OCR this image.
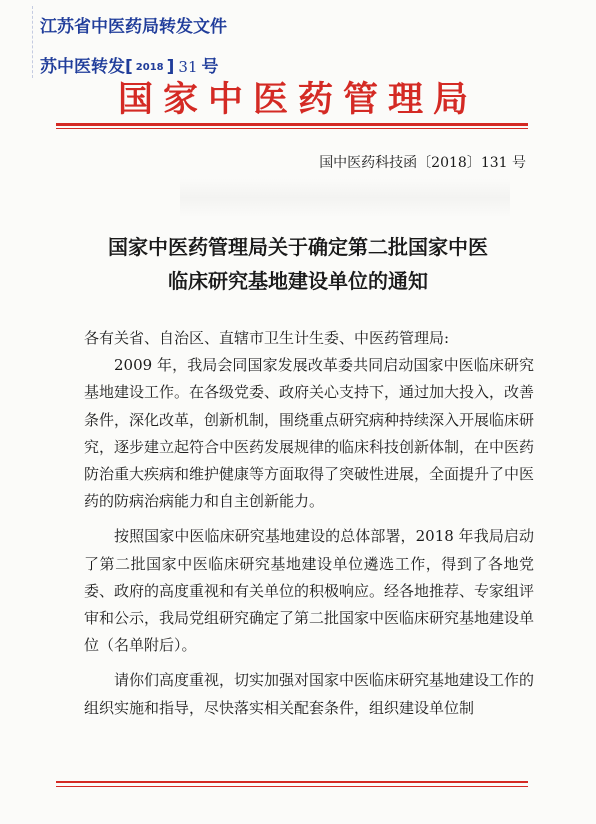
江苏省中医药局转发文件
苏中医转发[ 2018 ] 31 号
国家中医药管理局
国中医药科技函〔2018〕131 号
国家中医药管理局关于确定第二批国家中医
临床研究基地建设单位的通知

各有关省、自治区、直辖市卫生计生委、中医药管理局:

2009 年，我局会同国家发展改革委共同启动国家中医临床研究基地建设工作。在各级党委、政府关心支持下，通过加大投入，改善条件，深化改革，创新机制，围绕重点研究病种持续深入开展临床研究，逐步建立起符合中医药发展规律的临床科技创新体制，在中医药防治重大疾病和维护健康等方面取得了突破性进展，全面提升了中医药的防病治病能力和自主创新能力。

按照国家中医临床研究基地建设的总体部署，2018 年我局启动了第二批国家中医临床研究基地建设单位遴选工作，得到了各地党委、政府的高度重视和有关单位的积极响应。经各地推荐、专家组评审和公示，我局党组研究确定了第二批国家中医临床研究基地建设单位（名单附后）。

请你们高度重视，切实加强对国家中医临床研究基地建设工作的组织实施和指导，尽快落实相关配套条件，组织建设单位制
